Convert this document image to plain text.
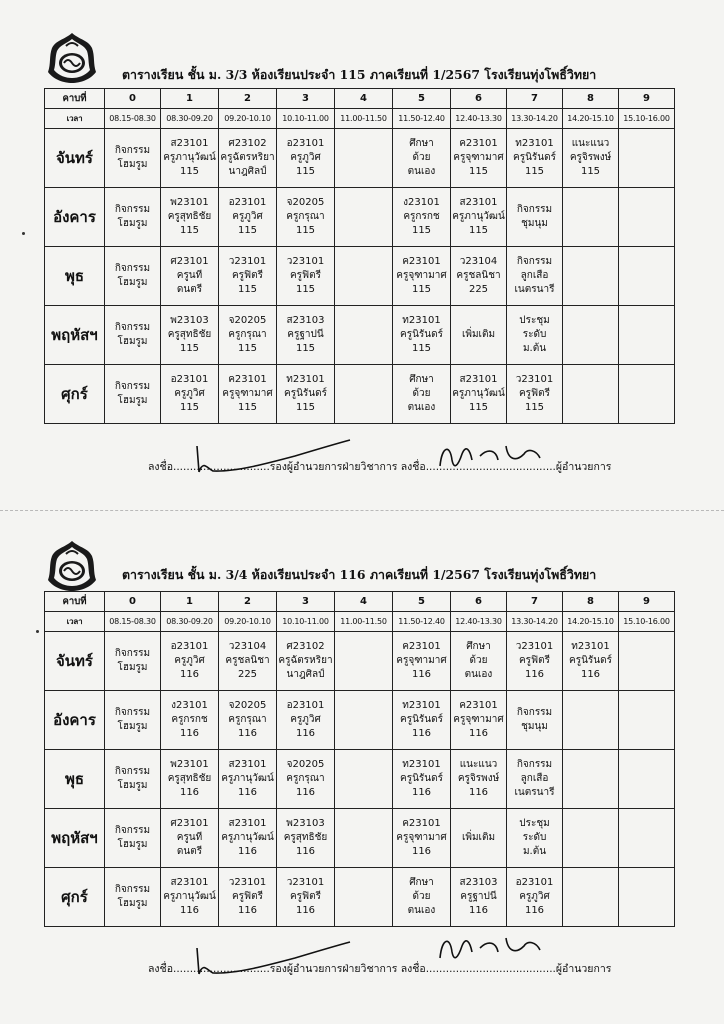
ตารางเรียน ชั้น ม. 3/3 ห้องเรียนประจำ 115 ภาคเรียนที่ 1/2567 โรงเรียนทุ่งโพธิ์วิทยา
คาบที่	0	1	2	3	4	5	6	7	8	9
เวลา	08.15-08.30	08.30-09.20	09.20-10.10	10.10-11.00	11.00-11.50	11.50-12.40	12.40-13.30	13.30-14.20	14.20-15.10	15.10-16.00
จันทร์	กิจกรรม
โฮมรูม	ส23101
ครูภานุวัฒน์
115	ศ23102
ครูฉัตรหริยา
นาฎศิลป์	อ23101
ครูภูวิศ
115		ศึกษา
ด้วย
ตนเอง	ค23101
ครูจุฑามาศ
115	ท23101
ครูนิรันดร์
115	แนะแนว
ครูจิรพงษ์
115	

อังคาร	กิจกรรม
โฮมรูม	พ23101
ครูสุทธิชัย
115	อ23101
ครูภูวิศ
115	จ20205
ครูกรุณา
115		ง23101
ครูกรกช
115	ส23101
ครูภานุวัฒน์
115	กิจกรรม
ชุมนุม		

พุธ	กิจกรรม
โฮมรูม	ศ23101
ครูนที
ดนตรี	ว23101
ครูฟิตรี
115	ว23101
ครูฟิตรี
115		ค23101
ครูจุฑามาศ
115	ว23104
ครูชลนิชา
225	กิจกรรม
ลูกเสือ
เนตรนารี		

พฤหัสฯ	กิจกรรม
โฮมรูม	พ23103
ครูสุทธิชัย
115	จ20205
ครูกรุณา
115	ส23103
ครูฐาปนี
115		ท23101
ครูนิรันดร์
115	เพิ่มเติม	ประชุม
ระดับ
ม.ต้น		

ศุกร์	กิจกรรม
โฮมรูม	อ23101
ครูภูวิศ
115	ค23101
ครูจุฑามาศ
115	ท23101
ครูนิรันดร์
115		ศึกษา
ด้วย
ตนเอง	ส23101
ครูภานุวัฒน์
115	ว23101
ครูฟิตรี
115		

ลงชื่อ.............................รองผู้อำนวยการฝ่ายวิชาการ ลงชื่อ.......................................ผู้อำนวยการ
ตารางเรียน ชั้น ม. 3/4 ห้องเรียนประจำ 116 ภาคเรียนที่ 1/2567 โรงเรียนทุ่งโพธิ์วิทยา
คาบที่	0	1	2	3	4	5	6	7	8	9
เวลา	08.15-08.30	08.30-09.20	09.20-10.10	10.10-11.00	11.00-11.50	11.50-12.40	12.40-13.30	13.30-14.20	14.20-15.10	15.10-16.00
จันทร์	กิจกรรม
โฮมรูม	อ23101
ครูภูวิศ
116	ว23104
ครูชลนิชา
225	ศ23102
ครูฉัตรหริยา
นาฎศิลป์		ค23101
ครูจุฑามาศ
116	ศึกษา
ด้วย
ตนเอง	ว23101
ครูฟิตรี
116	ท23101
ครูนิรันดร์
116	

อังคาร	กิจกรรม
โฮมรูม	ง23101
ครูกรกช
116	จ20205
ครูกรุณา
116	อ23101
ครูภูวิศ
116		ท23101
ครูนิรันดร์
116	ค23101
ครูจุฑามาศ
116	กิจกรรม
ชุมนุม		

พุธ	กิจกรรม
โฮมรูม	พ23101
ครูสุทธิชัย
116	ส23101
ครูภานุวัฒน์
116	จ20205
ครูกรุณา
116		ท23101
ครูนิรันดร์
116	แนะแนว
ครูจิรพงษ์
116	กิจกรรม
ลูกเสือ
เนตรนารี		

พฤหัสฯ	กิจกรรม
โฮมรูม	ศ23101
ครูนที
ดนตรี	ส23101
ครูภานุวัฒน์
116	พ23103
ครูสุทธิชัย
116		ค23101
ครูจุฑามาศ
116	เพิ่มเติม	ประชุม
ระดับ
ม.ต้น		

ศุกร์	กิจกรรม
โฮมรูม	ส23101
ครูภานุวัฒน์
116	ว23101
ครูฟิตรี
116	ว23101
ครูฟิตรี
116		ศึกษา
ด้วย
ตนเอง	ส23103
ครูฐาปนี
116	อ23101
ครูภูวิศ
116		

ลงชื่อ.............................รองผู้อำนวยการฝ่ายวิชาการ ลงชื่อ.......................................ผู้อำนวยการ
